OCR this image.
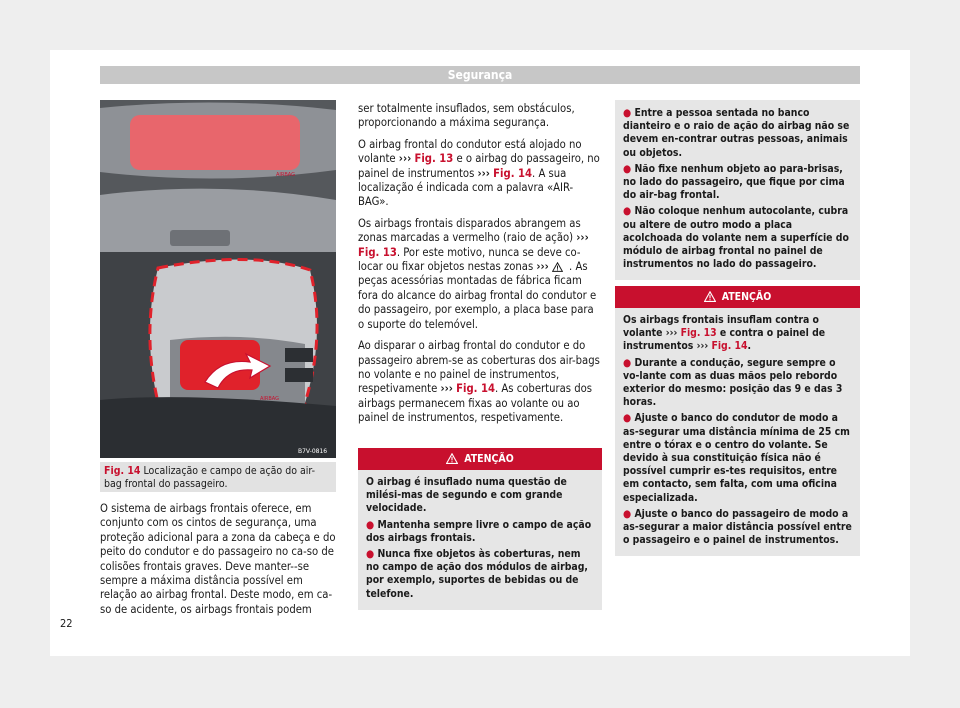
Segurança
AIRBAG
AIRBAG
B7V-0816
Fig. 14 Localização e campo de ação do air-bag frontal do passageiro.

O sistema de airbags frontais oferece, em conjunto com os cintos de segurança, uma proteção adicional para a zona da cabeça e do peito do condutor e do passageiro no ca-so de colisões frontais graves. Deve manter--se sempre a máxima distância possível em relação ao airbag frontal. Deste modo, em ca-so de acidente, os airbags frontais podem

ser totalmente insuflados, sem obstáculos, proporcionando a máxima segurança.

O airbag frontal do condutor está alojado no volante ››› Fig. 13 e o airbag do passageiro, no painel de instrumentos ››› Fig. 14. A sua localização é indicada com a palavra «AIR-BAG».

Os airbags frontais disparados abrangem as zonas marcadas a vermelho (raio de ação) ››› Fig. 13. Por este motivo, nunca se deve co-locar ou fixar objetos nestas zonas ››› . As peças acessórias montadas de fábrica ficam fora do alcance do airbag frontal do condutor e do passageiro, por exemplo, a placa base para o suporte do telemóvel.

Ao disparar o airbag frontal do condutor e do passageiro abrem-se as coberturas dos air-bags no volante e no painel de instrumentos, respetivamente ››› Fig. 14. As coberturas dos airbags permanecem fixas ao volante ou ao painel de instrumentos, respetivamente.

ATENÇÃO

O airbag é insuflado numa questão de milési-mas de segundo e com grande velocidade.

● Mantenha sempre livre o campo de ação dos airbags frontais.

● Nunca fixe objetos às coberturas, nem no campo de ação dos módulos de airbag, por exemplo, suportes de bebidas ou de telefone.

● Entre a pessoa sentada no banco dianteiro e o raio de ação do airbag não se devem en-contrar outras pessoas, animais ou objetos.

● Não fixe nenhum objeto ao para-brisas, no lado do passageiro, que fique por cima do air-bag frontal.

● Não coloque nenhum autocolante, cubra ou altere de outro modo a placa acolchoada do volante nem a superfície do módulo de airbag frontal no painel de instrumentos no lado do passageiro.

ATENÇÃO

Os airbags frontais insuflam contra o volante ››› Fig. 13 e contra o painel de instrumentos ››› Fig. 14.

● Durante a condução, segure sempre o vo-lante com as duas mãos pelo rebordo exterior do mesmo: posição das 9 e das 3 horas.

● Ajuste o banco do condutor de modo a as-segurar uma distância mínima de 25 cm entre o tórax e o centro do volante. Se devido à sua constituição física não é possível cumprir es-tes requisitos, entre em contacto, sem falta, com uma oficina especializada.

● Ajuste o banco do passageiro de modo a as-segurar a maior distância possível entre o passageiro e o painel de instrumentos.

22
